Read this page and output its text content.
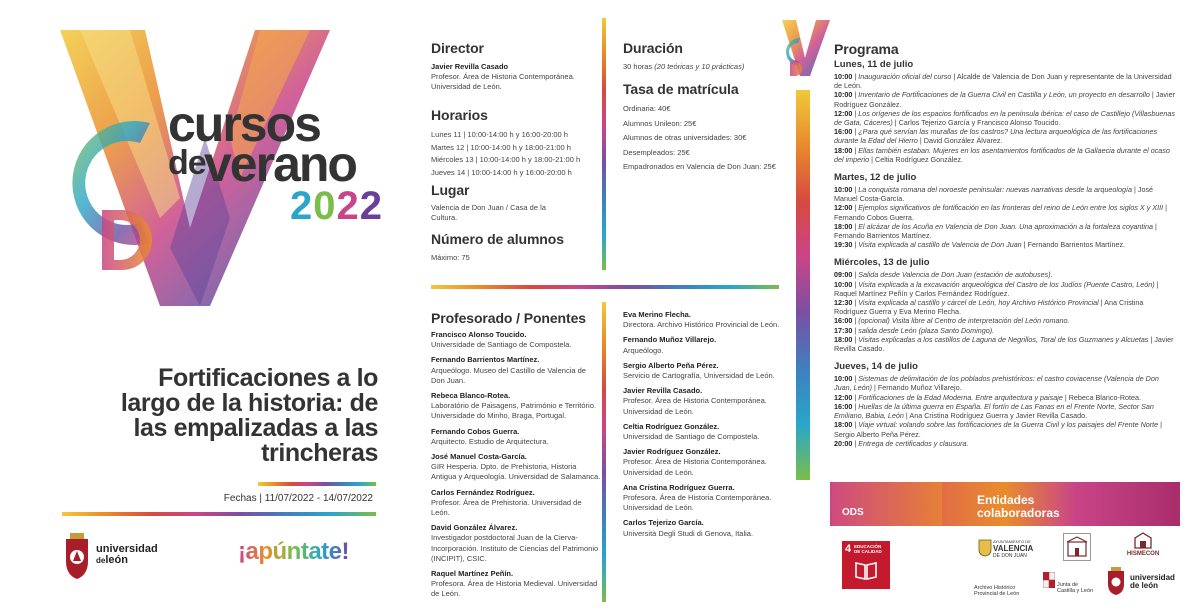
cursos
de
verano
2022
Fortificaciones a lo
largo de la historia: de
las empalizadas a las
trincheras
Fechas | 11/07/2022 - 14/07/2022
universidad
deleón	¡apúntate!
Director
Javier Revilla Casado
Profesor. Área de Historia Contemporánea. Universidad de León.
Horarios
Lunes 11 | 10:00-14:00 h y 16:00-20:00 h
Martes 12 | 10:00-14:00 h y 18:00-21:00 h
Miércoles 13 | 10:00-14:00 h y 18:00-21:00 h
Jueves 14 | 10:00-14:00 h y 16:00-20:00 h
Lugar
Valencia de Don Juan / Casa de la Cultura.
Número de alumnos
Máximo: 75
Duración
30 horas (20 teóricas y 10 prácticas)
Tasa de matrícula
Ordinaria: 40€
Alumnos Unileon: 25€
Alumnos de otras universidades: 30€
Desempleados: 25€
Empadronados en Valencia de Don Juan: 25€
Profesorado / Ponentes
Francisco Alonso Toucido.
Universidade de Santiago de Compostela.
Fernando Barrientos Martínez.
Arqueólogo. Museo del Castillo de Valencia de Don Juan.
Rebeca Blanco-Rotea.
Laboratório de Paisagens, Património e Território. Universidade do Minho, Braga, Portugal.
Fernando Cobos Guerra.
Arquitecto. Estudio de Arquitectura.
José Manuel Costa-García.
GIR Hesperia. Dpto. de Prehistoria, Historia Antigua y Arqueología. Universidad de Salamanca.
Carlos Fernández Rodríguez.
Profesor. Área de Prehistoria. Universidad de León.
David González Álvarez.
Investigador postdoctoral Juan de la Cierva-Incorporación. Instituto de Ciencias del Patrimonio (INCIPIT), CSIC.
Raquel Martínez Peñín.
Profesora. Área de Historia Medieval. Universidad de León.
Eva Merino Flecha.
Directora. Archivo Histórico Provincial de León.
Fernando Muñoz Villarejo.
Arqueólogo.
Sergio Alberto Peña Pérez.
Servicio de Cartografía, Universidad de León.
Javier Revilla Casado.
Profesor. Área de Historia Contemporánea. Universidad de León.
Celtia Rodríguez González.
Universidad de Santiago de Compostela.
Javier Rodríguez González.
Profesor. Área de Historia Contemporánea. Universidad de León.
Ana Cristina Rodríguez Guerra.
Profesora. Área de Historia Contemporánea. Universidad de León.
Carlos Tejerizo García.
Università Degli Studi di Genova, Italia.
Programa
Lunes, 11 de julio
10:00 | Inauguración oficial del curso | Alcalde de Valencia de Don Juan y representante de la Universidad de León.
10:00 | Inventario de Fortificaciones de la Guerra Civil en Castilla y León, un proyecto en desarrollo | Javier Rodríguez González.
12:00 | Los orígenes de los espacios fortificados en la península ibérica: el caso de Castillejo (Villasbuenas de Gata, Cáceres) | Carlos Tejerizo García y Francisco Alonso Toucido.
16:00 | ¿Para qué servían las murallas de los castros? Una lectura arqueológica de las fortificaciones durante la Edad del Hierro | David González Álvarez.
18:00 | Ellas también estaban. Mujeres en los asentamientos fortificados de la Gallaecia durante el ocaso del imperio | Celtia Rodríguez González.
Martes, 12 de julio
10:00 | La conquista romana del noroeste peninsular: nuevas narrativas desde la arqueología | José Manuel Costa-García.
12:00 | Ejemplos significativos de fortificación en las fronteras del reino de León entre los siglos X y XIII | Fernando Cobos Guerra.
18:00 | El alcázar de los Acuña en Valencia de Don Juan. Una aproximación a la fortaleza coyantina | Fernando Barrientos Martínez.
19:30 | Visita explicada al castillo de Valencia de Don Juan | Fernando Barrientos Martínez.
Miércoles, 13 de julio
09:00 | Salida desde Valencia de Don Juan (estación de autobuses).
10:00 | Visita explicada a la excavación arqueológica del Castro de los Judíos (Puente Castro, León) | Raquel Martínez Peñín y Carlos Fernández Rodríguez.
12:30 | Visita explicada al castillo y cárcel de León, hoy Archivo Histórico Provincial | Ana Cristina Rodríguez Guerra y Eva Merino Flecha.
16:00 | (opcional) Visita libre al Centro de interpretación del León romano.
17:30 | salida desde León (plaza Santo Domingo).
18:00 | Visitas explicadas a los castillos de Laguna de Negrillos, Toral de los Guzmanes y Alcuetas | Javier Revilla Casado.
Jueves, 14 de julio
10:00 | Sistemas de delimitación de los poblados prehistóricos: el castro coviacense (Valencia de Don Juan, León) | Fernando Muñoz Villarejo.
12:00 | Fortificaciones de la Edad Moderna. Entre arquitectura y paisaje | Rebeca Blanco-Rotea.
16:00 | Huellas de la última guerra en España. El fortín de Las Fanas en el Frente Norte, Sector San Emiliano, Babia, León | Ana Cristina Rodríguez Guerra y Javier Revilla Casado.
18:00 | Viaje virtual: volando sobre las fortificaciones de la Guerra Civil y los paisajes del Frente Norte | Sergio Alberto Peña Pérez.
20:00 | Entrega de certificados y clausura.
ODS
Entidades
colaboradoras
4 EDUCACIÓN DE CALIDAD
AYUNTAMIENTO DE
VALENCIA
DE DON JUAN	HISMECON
Archivo Histórico
Provincial de León
Junta de
Castilla y León
universidad
de león
